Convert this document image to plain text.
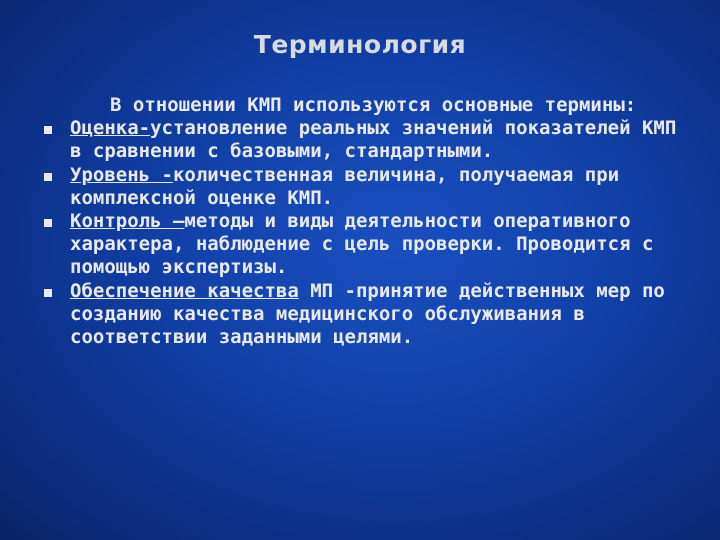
Терминология

В отношении КМП используются основные термины:

Оценка-установление реальных значений показателей КМП в сравнении с базовыми, стандартными.

Уровень -количественная величина, получаемая при комплексной оценке КМП.

Контроль –методы и виды деятельности оперативного характера, наблюдение с цель проверки. Проводится с помощью экспертизы.

Обеспечение качества МП -принятие действенных мер по созданию качества медицинского обслуживания в соответствии заданными целями.
